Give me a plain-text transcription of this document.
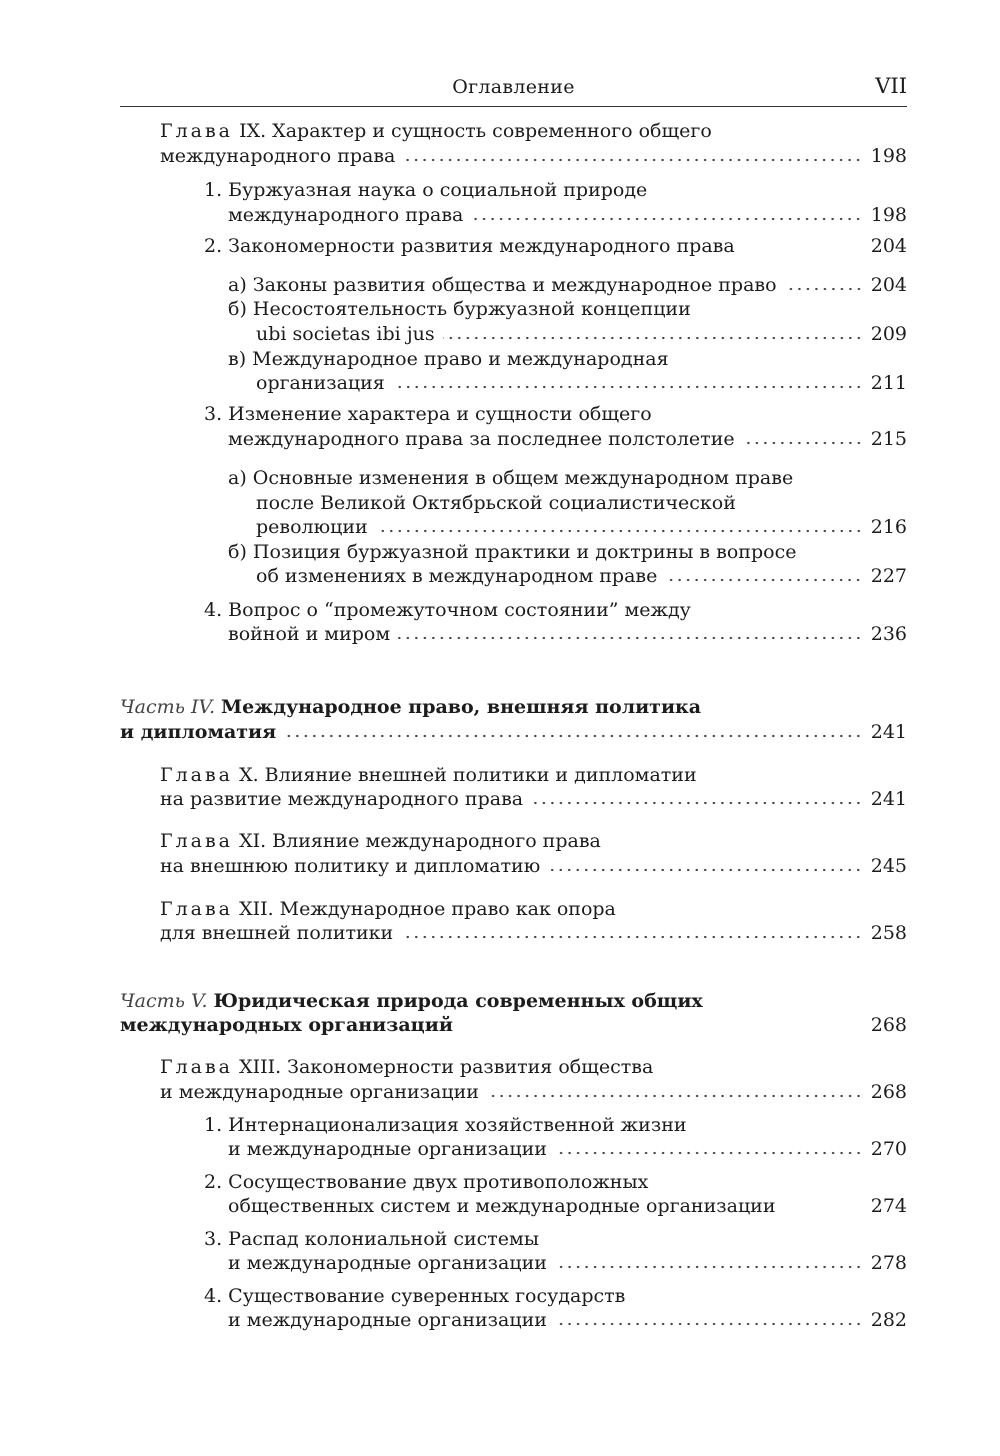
Оглавление	VII
Глава IX. Характер и сущность современного общего
международного права	198
1. Буржуазная наука о социальной природе
международного права	198
2. Закономерности развития международного права	204
а) Законы развития общества и международное право	204
б) Несостоятельность буржуазной концепции
ubi societas ibi jus	209
в) Международное право и международная
организация	211
3. Изменение характера и сущности общего
международного права за последнее полстолетие	215
а) Основные изменения в общем международном праве
после Великой Октябрьской социалистической
революции	216
б) Позиция буржуазной практики и доктрины в вопросе
об изменениях в международном праве	227
4. Вопрос о “промежуточном состоянии” между
войной и миром	236
Часть IV. Международное право, внешняя политика
и дипломатия	241
Глава X. Влияние внешней политики и дипломатии
на развитие международного права	241
Глава XI. Влияние международного права
на внешнюю политику и дипломатию	245
Глава XII. Международное право как опора
для внешней политики	258
Часть V. Юридическая природа современных общих
международных организаций	268
Глава XIII. Закономерности развития общества
и международные организации	268
1. Интернационализация хозяйственной жизни
и международные организации	270
2. Сосуществование двух противоположных
общественных систем и международные организации	274
3. Распад колониальной системы
и международные организации	278
4. Существование суверенных государств
и международные организации	282
